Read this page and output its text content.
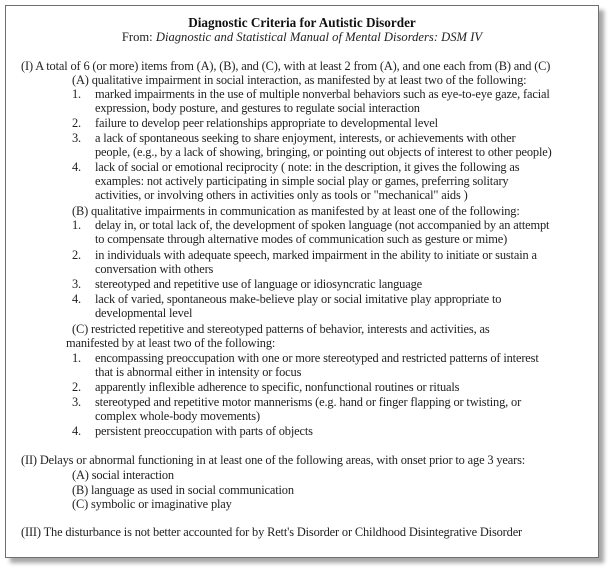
Diagnostic Criteria for Autistic Disorder
From: Diagnostic and Statistical Manual of Mental Disorders: DSM IV
(I) A total of 6 (or more) items from (A), (B), and (C), with at least 2 from (A), and one each from (B) and (C)
(A) qualitative impairment in social interaction, as manifested by at least two of the following:
1. marked impairments in the use of multiple nonverbal behaviors such as eye-to-eye gaze, facial
expression, body posture, and gestures to regulate social interaction
2. failure to develop peer relationships appropriate to developmental level
3. a lack of spontaneous seeking to share enjoyment, interests, or achievements with other
people, (e.g., by a lack of showing, bringing, or pointing out objects of interest to other people)
4. lack of social or emotional reciprocity ( note: in the description, it gives the following as
examples: not actively participating in simple social play or games, preferring solitary
activities, or involving others in activities only as tools or "mechanical" aids )
(B) qualitative impairments in communication as manifested by at least one of the following:
1. delay in, or total lack of, the development of spoken language (not accompanied by an attempt
to compensate through alternative modes of communication such as gesture or mime)
2. in individuals with adequate speech, marked impairment in the ability to initiate or sustain a
conversation with others
3. stereotyped and repetitive use of language or idiosyncratic language
4. lack of varied, spontaneous make-believe play or social imitative play appropriate to
developmental level
(C) restricted repetitive and stereotyped patterns of behavior, interests and activities, as
manifested by at least two of the following:
1. encompassing preoccupation with one or more stereotyped and restricted patterns of interest
that is abnormal either in intensity or focus
2. apparently inflexible adherence to specific, nonfunctional routines or rituals
3. stereotyped and repetitive motor mannerisms (e.g. hand or finger flapping or twisting, or
complex whole-body movements)
4. persistent preoccupation with parts of objects
(II) Delays or abnormal functioning in at least one of the following areas, with onset prior to age 3 years:
(A) social interaction
(B) language as used in social communication
(C) symbolic or imaginative play
(III) The disturbance is not better accounted for by Rett's Disorder or Childhood Disintegrative Disorder
